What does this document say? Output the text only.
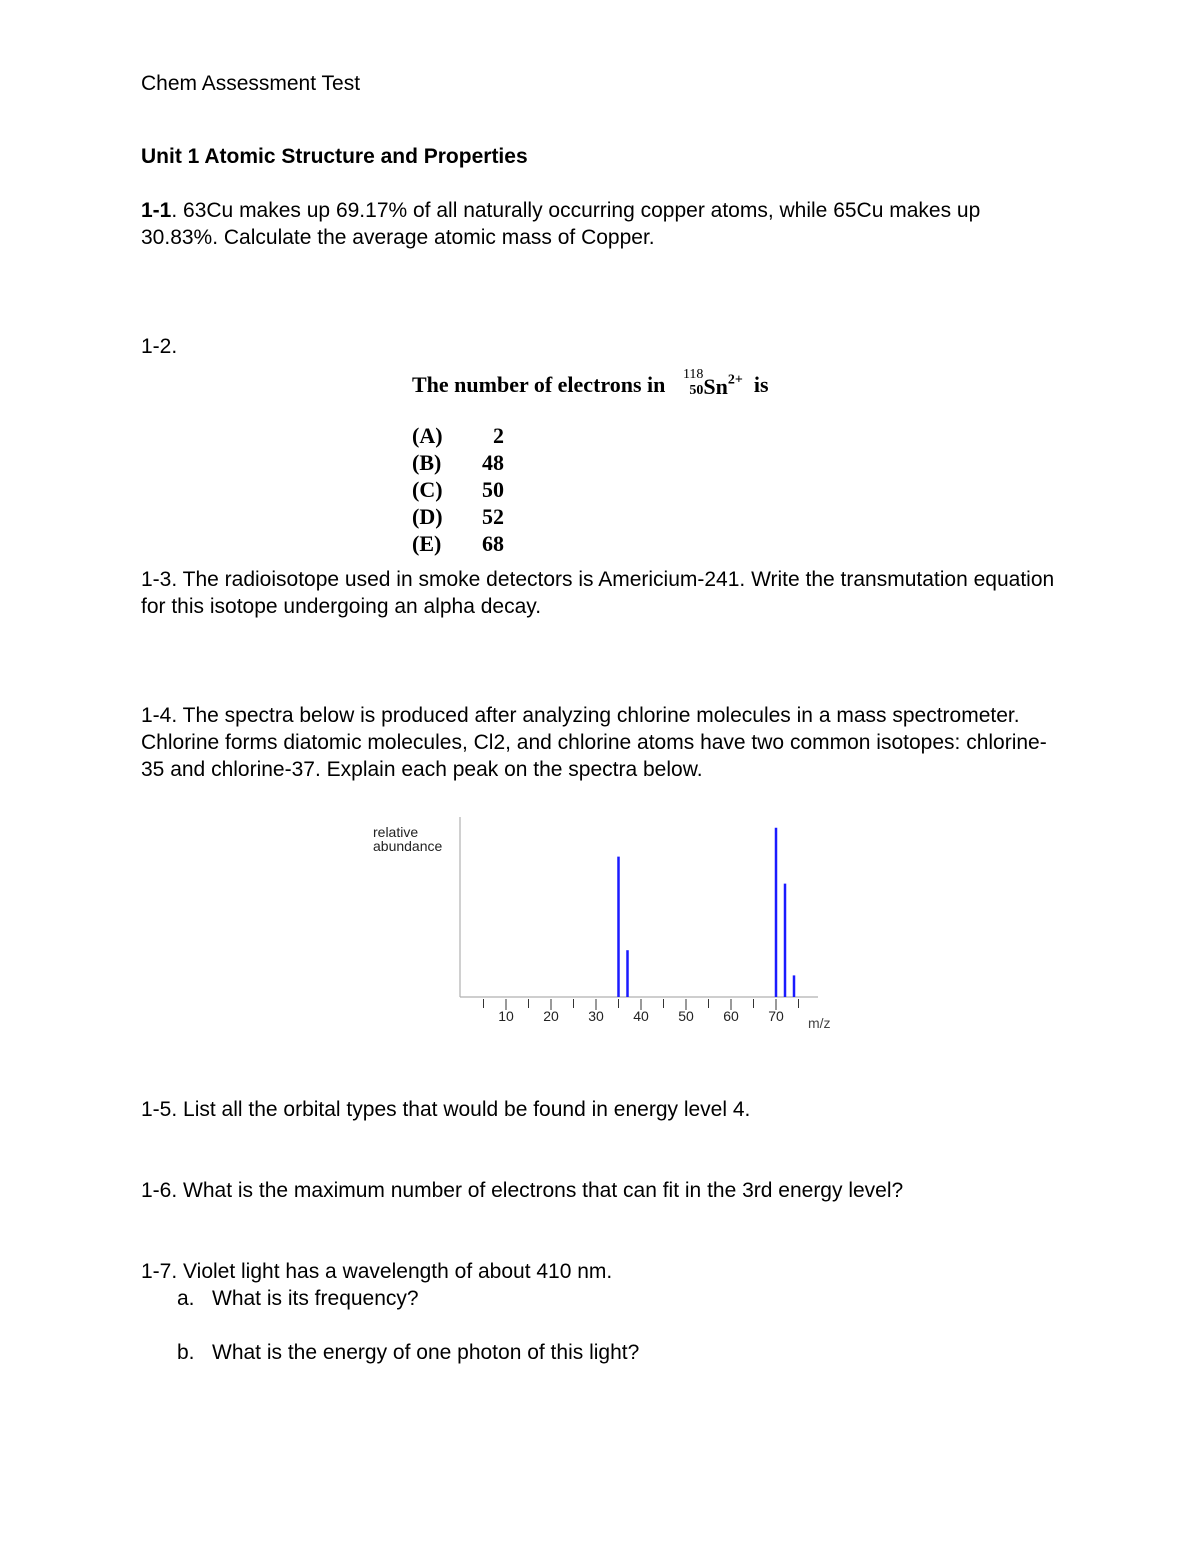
Chem Assessment Test

Unit 1 Atomic Structure and Properties

1-1. 63Cu makes up 69.17% of all naturally occurring copper atoms, while 65Cu makes up 30.83%. Calculate the average atomic mass of Copper.

1-2.

The number of electrons in 118
50 $Sn^{2+}$ is
(A)	2
(B)	48
(C)	50
(D)	52
(E)	68

1-3. The radioisotope used in smoke detectors is Americium-241. Write the transmutation equation for this isotope undergoing an alpha decay.

1-4. The spectra below is produced after analyzing chlorine molecules in a mass spectrometer. Chlorine forms diatomic molecules, Cl2, and chlorine atoms have two common isotopes: chlorine-35 and chlorine-37. Explain each peak on the spectra below.

relative
abundance
m/z
10 20 30 40 50 60 70

1-5. List all the orbital types that would be found in energy level 4.

1-6. What is the maximum number of electrons that can fit in the 3rd energy level?

1-7. Violet light has a wavelength of about 410 nm.

a. What is its frequency?
b. What is the energy of one photon of this light?
